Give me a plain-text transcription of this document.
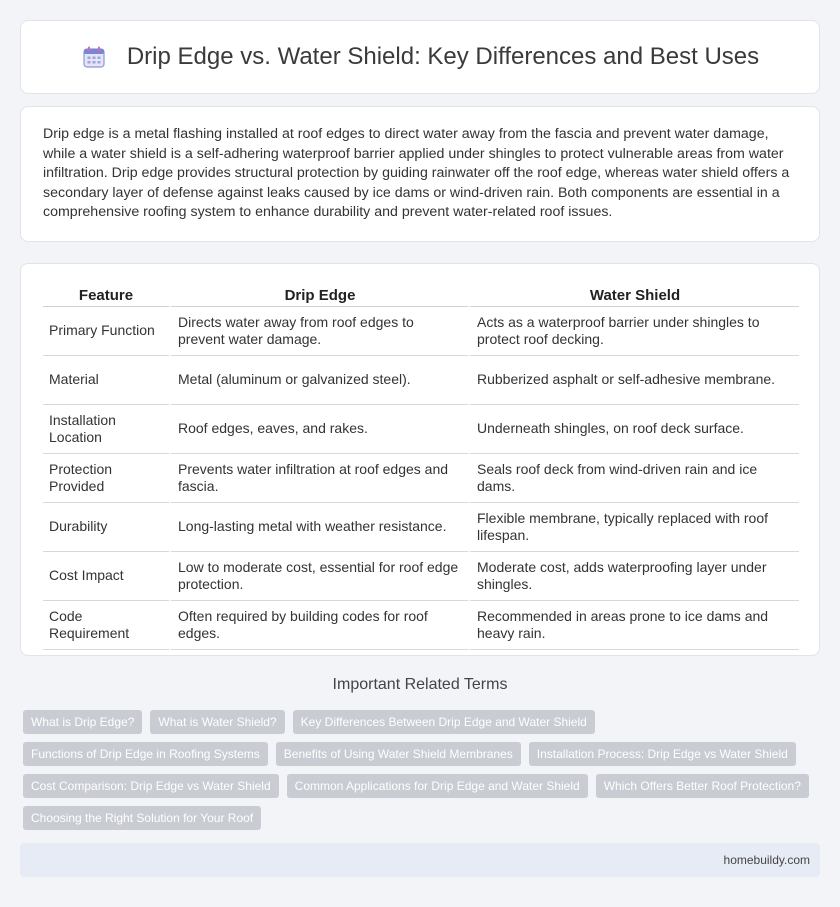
Drip Edge vs. Water Shield: Key Differences and Best Uses

Drip edge is a metal flashing installed at roof edges to direct water away from the fascia and prevent water damage, while a water shield is a self-adhering waterproof barrier applied under shingles to protect vulnerable areas from water infiltration. Drip edge provides structural protection by guiding rainwater off the roof edge, whereas water shield offers a secondary layer of defense against leaks caused by ice dams or wind-driven rain. Both components are essential in a comprehensive roofing system to enhance durability and prevent water-related roof issues.

Feature	Drip Edge	Water Shield
Primary Function	Directs water away from roof edges to prevent water damage.	Acts as a waterproof barrier under shingles to protect roof decking.
Material	Metal (aluminum or galvanized steel).	Rubberized asphalt or self-adhesive membrane.
Installation Location	Roof edges, eaves, and rakes.	Underneath shingles, on roof deck surface.
Protection Provided	Prevents water infiltration at roof edges and fascia.	Seals roof deck from wind-driven rain and ice dams.
Durability	Long-lasting metal with weather resistance.	Flexible membrane, typically replaced with roof lifespan.
Cost Impact	Low to moderate cost, essential for roof edge protection.	Moderate cost, adds waterproofing layer under shingles.
Code Requirement	Often required by building codes for roof edges.	Recommended in areas prone to ice dams and heavy rain.
Important Related Terms
What is Drip Edge?	What is Water Shield?	Key Differences Between Drip Edge and Water Shield
Functions of Drip Edge in Roofing Systems	Benefits of Using Water Shield Membranes	Installation Process: Drip Edge vs Water Shield
Cost Comparison: Drip Edge vs Water Shield	Common Applications for Drip Edge and Water Shield	Which Offers Better Roof Protection?
Choosing the Right Solution for Your Roof
homebuildy.com
